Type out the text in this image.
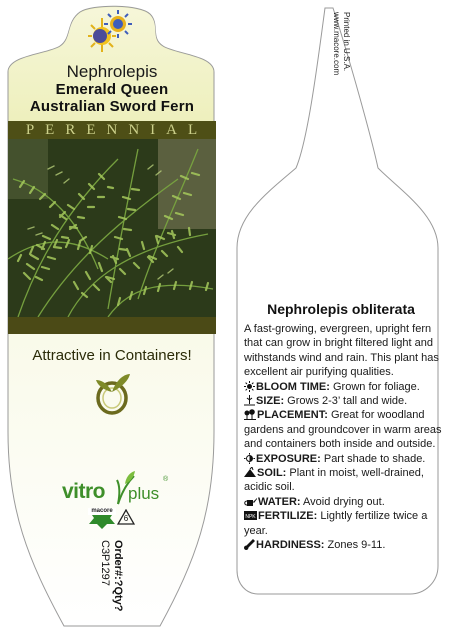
Nephrolepis
Emerald Queen
Australian Sword Fern
PERENNIAL
Attractive in Containers!
vitro plus
®
macore
6
Order#:?Qty?
C3P1297
Printed in U.S.A.
www.macore.com
Nephrolepis obliterata

A fast-growing, evergreen, upright fern that can grow in bright filtered light and withstands wind and rain. This plant has excellent air purifying qualities.

BLOOM TIME: Grown for foliage.
SIZE: Grows 2-3’ tall and wide.
PLACEMENT: Great for woodland gardens and groundcover in warm areas and containers both inside and outside.
EXPOSURE: Part shade to shade.
SOIL: Plant in moist, well-drained, acidic soil.
WATER: Avoid drying out.
NPK FERTILIZE: Lightly fertilize twice a year.
HARDINESS: Zones 9-11.
